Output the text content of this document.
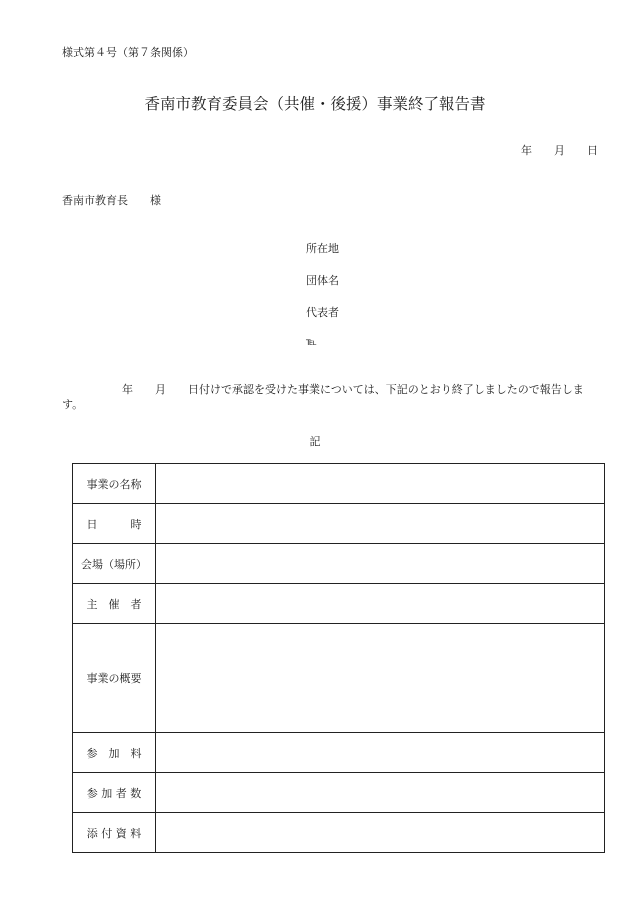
様式第４号（第７条関係）
香南市教育委員会（共催・後援）事業終了報告書
年 月 日
香南市教育長 様
所在地
団体名
代表者
℡
年 月 日付けで承認を受けた事業については、下記のとおり終了しましたので報告します。
記
事業の名称	
日　　　時	
会場（場所）	
主　催　者	
事業の概要	
参　加　料	
参 加 者 数	
添 付 資 料	
